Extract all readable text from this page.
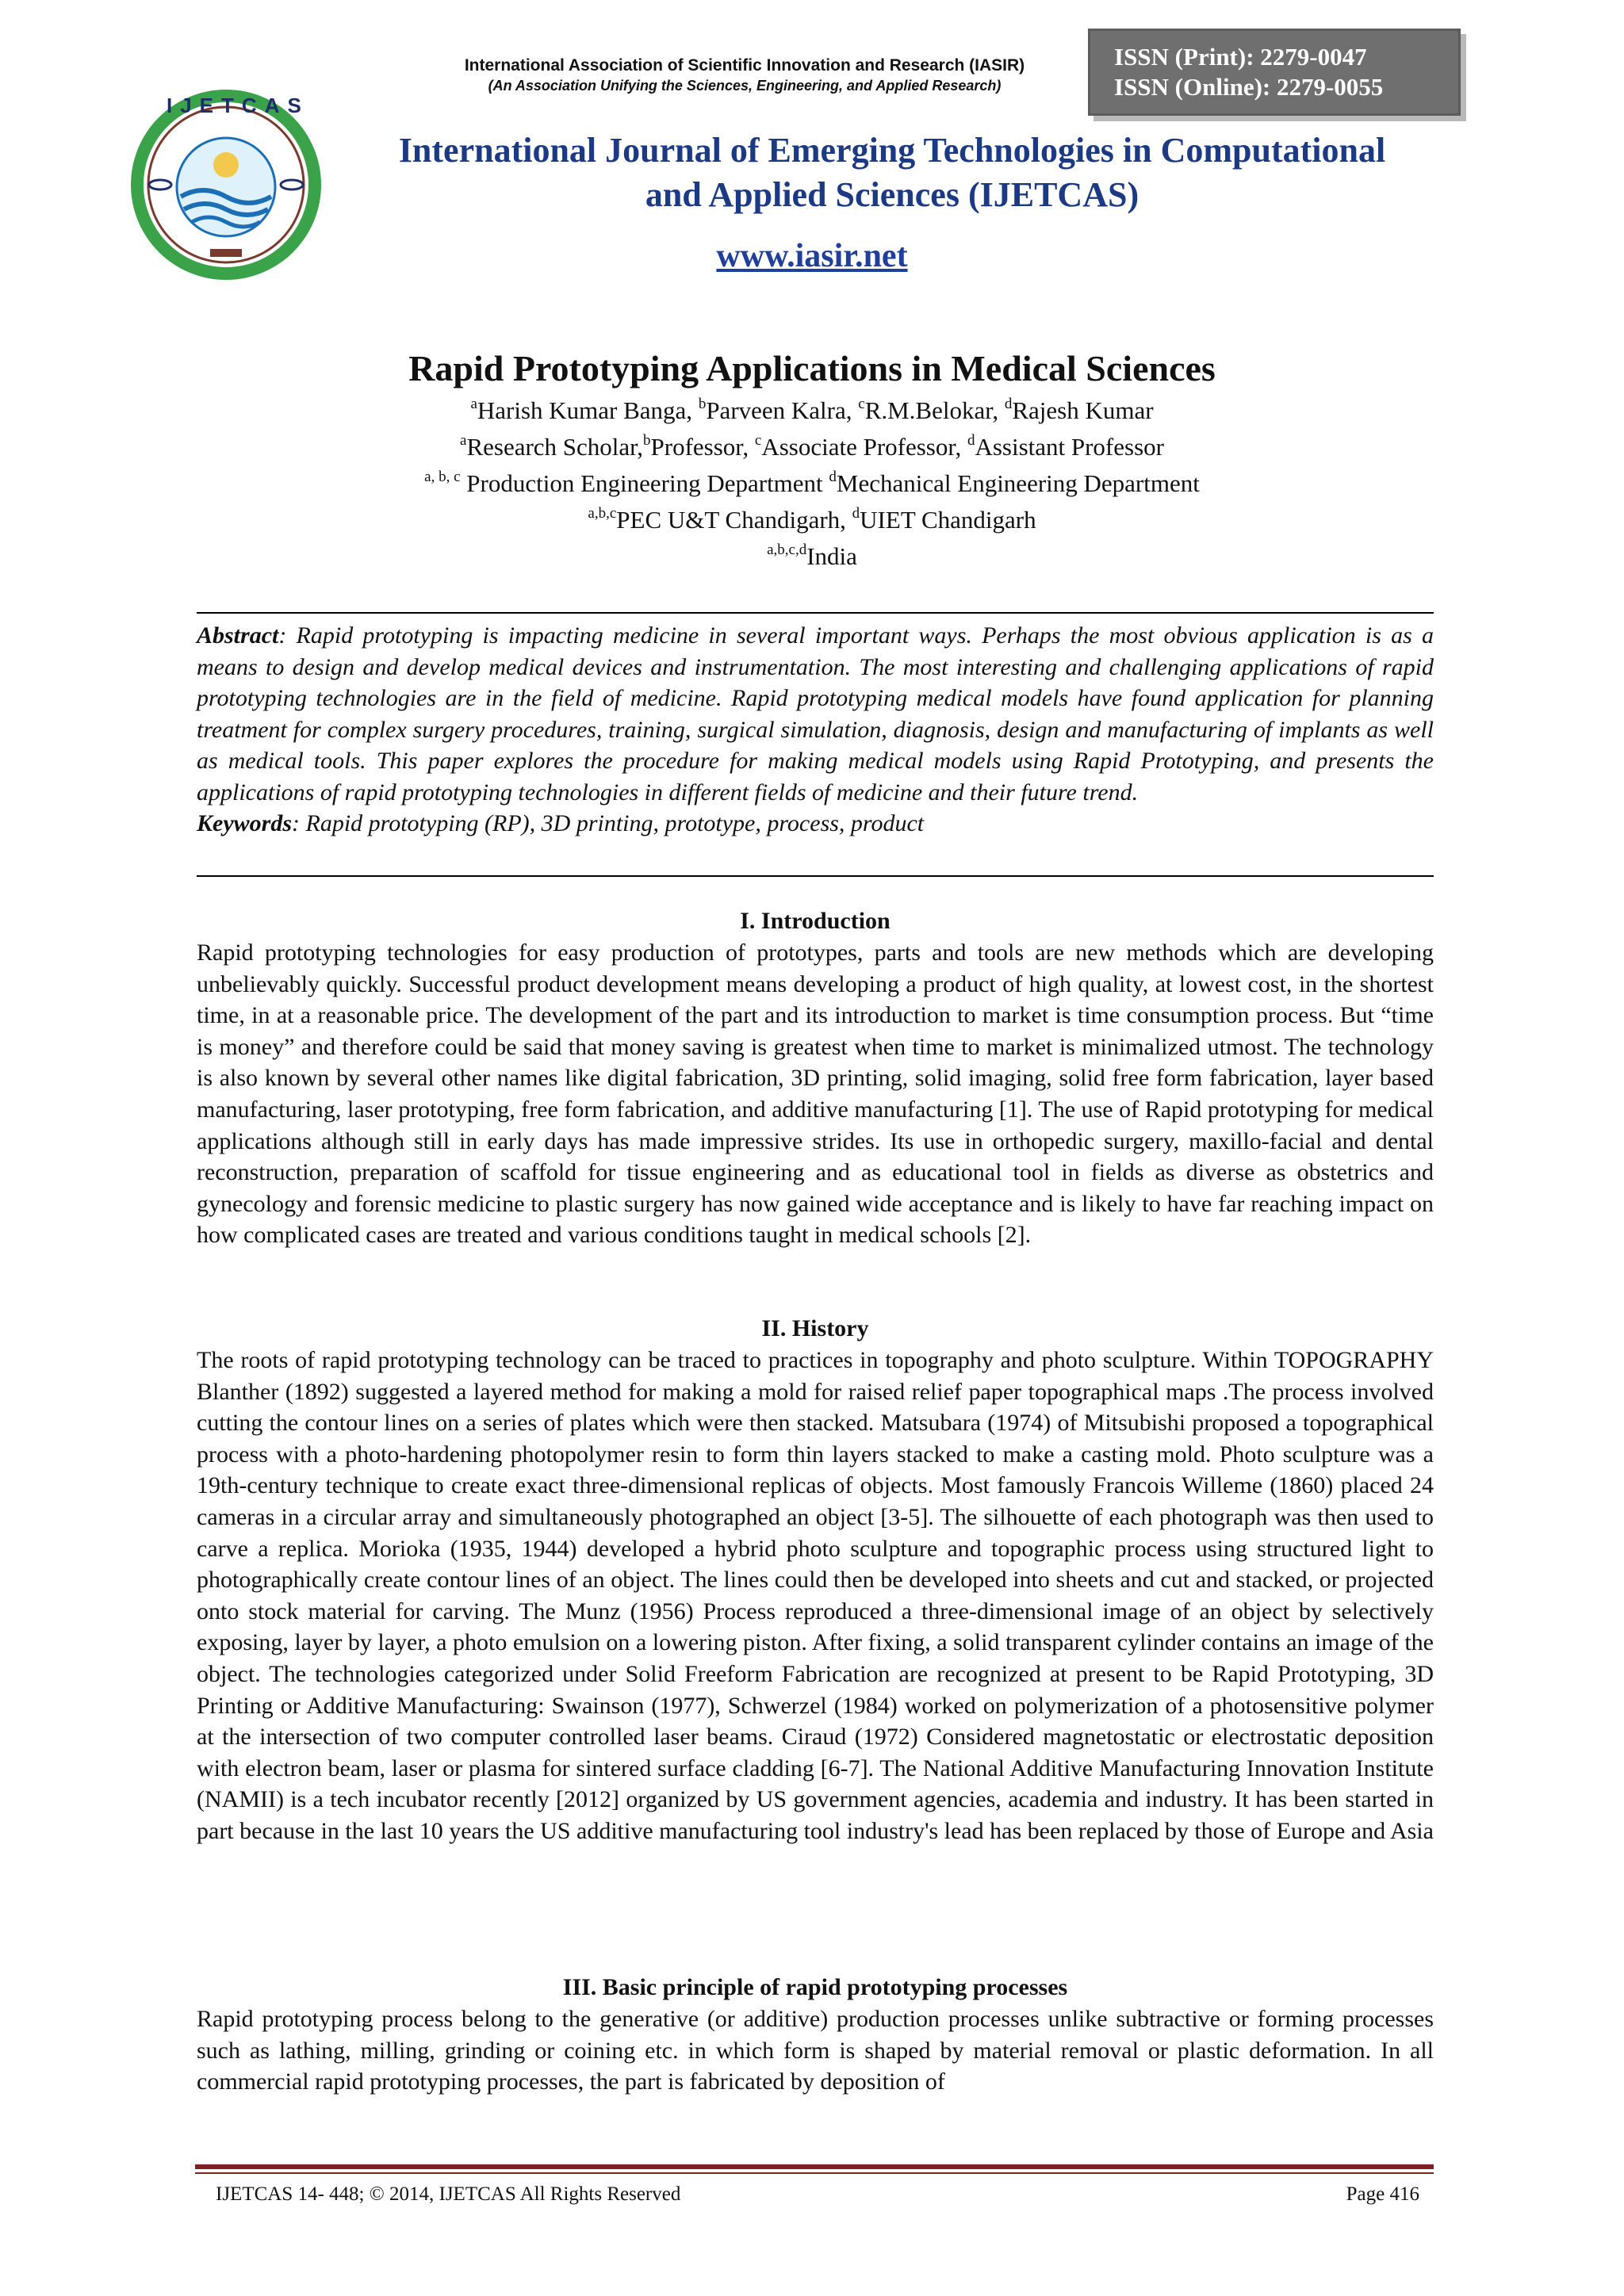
IJETCAS
International Association of Scientific Innovation and Research (IASIR)
(An Association Unifying the Sciences, Engineering, and Applied Research)
ISSN (Print): 2279-0047
ISSN (Online): 2279-0055
International Journal of Emerging Technologies in Computational
and Applied Sciences (IJETCAS)
www.iasir.net
Rapid Prototyping Applications in Medical Sciences
$^a$Harish Kumar Banga, $^b$Parveen Kalra, $^c$R.M.Belokar, $^d$Rajesh Kumar
$^a$Research Scholar,$^b$Professor, $^c$Associate Professor, $^d$Assistant Professor
$^{a, b, c}$ Production Engineering Department $^d$Mechanical Engineering Department
$^{a,b,c}$PEC U&T Chandigarh, $^d$UIET Chandigarh
$^{a,b,c,d}$India
Abstract: Rapid prototyping is impacting medicine in several important ways. Perhaps the most obvious application is as a means to design and develop medical devices and instrumentation. The most interesting and challenging applications of rapid prototyping technologies are in the field of medicine. Rapid prototyping medical models have found application for planning treatment for complex surgery procedures, training, surgical simulation, diagnosis, design and manufacturing of implants as well as medical tools. This paper explores the procedure for making medical models using Rapid Prototyping, and presents the applications of rapid prototyping technologies in different fields of medicine and their future trend.
Keywords: Rapid prototyping (RP), 3D printing, prototype, process, product
I. Introduction

Rapid prototyping technologies for easy production of prototypes, parts and tools are new methods which are developing unbelievably quickly. Successful product development means developing a product of high quality, at lowest cost, in the shortest time, in at a reasonable price. The development of the part and its introduction to market is time consumption process. But “time is money” and therefore could be said that money saving is greatest when time to market is minimalized utmost. The technology is also known by several other names like digital fabrication, 3D printing, solid imaging, solid free form fabrication, layer based manufacturing, laser prototyping, free form fabrication, and additive manufacturing [1]. The use of Rapid prototyping for medical applications although still in early days has made impressive strides. Its use in orthopedic surgery, maxillo-facial and dental reconstruction, preparation of scaffold for tissue engineering and as educational tool in fields as diverse as obstetrics and gynecology and forensic medicine to plastic surgery has now gained wide acceptance and is likely to have far reaching impact on how complicated cases are treated and various conditions taught in medical schools [2].

II. History

The roots of rapid prototyping technology can be traced to practices in topography and photo sculpture. Within TOPOGRAPHY Blanther (1892) suggested a layered method for making a mold for raised relief paper topographical maps .The process involved cutting the contour lines on a series of plates which were then stacked. Matsubara (1974) of Mitsubishi proposed a topographical process with a photo-hardening photopolymer resin to form thin layers stacked to make a casting mold. Photo sculpture was a 19th-century technique to create exact three-dimensional replicas of objects. Most famously Francois Willeme (1860) placed 24 cameras in a circular array and simultaneously photographed an object [3-5]. The silhouette of each photograph was then used to carve a replica. Morioka (1935, 1944) developed a hybrid photo sculpture and topographic process using structured light to photographically create contour lines of an object. The lines could then be developed into sheets and cut and stacked, or projected onto stock material for carving. The Munz (1956) Process reproduced a three-dimensional image of an object by selectively exposing, layer by layer, a photo emulsion on a lowering piston. After fixing, a solid transparent cylinder contains an image of the object. The technologies categorized under Solid Freeform Fabrication are recognized at present to be Rapid Prototyping, 3D Printing or Additive Manufacturing: Swainson (1977), Schwerzel (1984) worked on polymerization of a photosensitive polymer at the intersection of two computer controlled laser beams. Ciraud (1972) Considered magnetostatic or electrostatic deposition with electron beam, laser or plasma for sintered surface cladding [6-7]. The National Additive Manufacturing Innovation Institute (NAMII) is a tech incubator recently [2012] organized by US government agencies, academia and industry. It has been started in part because in the last 10 years the US additive manufacturing tool industry's lead has been replaced by those of Europe and Asia

III. Basic principle of rapid prototyping processes

Rapid prototyping process belong to the generative (or additive) production processes unlike subtractive or forming processes such as lathing, milling, grinding or coining etc. in which form is shaped by material removal or plastic deformation. In all commercial rapid prototyping processes, the part is fabricated by deposition of

IJETCAS 14- 448; © 2014, IJETCAS All Rights Reserved	Page 416
